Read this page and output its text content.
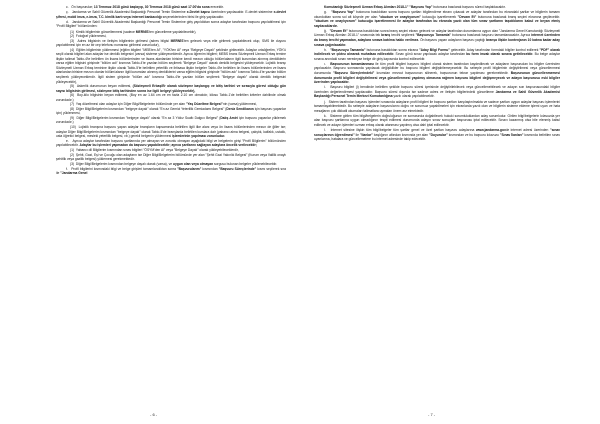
c.   Ön başvurular; 13 Temmuz 2018 günü başlayıp, 30 Temmuz 2018 günü saat 17.00'da sona erecektir.

ç.   Jandarma ve Sahil Güvenlik Akademisi Başkanlığı Personel Temin Sistemine e-Devlet kapısı üzerinden yapılacaktır. E-devlet sistemine e-devlet şifresi, mobil imza, e-imza, T.C. kimlik kartı veya internet bankacılığı seçeneklerinden birisi ile giriş yapılacaktır.

d.   Jandarma ve Sahil Güvenlik Akademisi Başkanlığı Personel Temin Sistemine giriş yapıldıktan sonra adaylar tarafından başvuru yapılabilmesi için "Profil Bilgileri" bölümünden:

(1)  Kimlik bilgilerinin güncellenmesi (sadece MERNİS'ten güncelleme yapılabilecektir),

(2)  Fotoğraf yüklenmesi,

(3)  Adres bilgisinin ve iletişim bilgilerinin girilmesi (adres bilgisi MERNİS'ten gelecek veya elle girilerek yapılabilecek olup, SMS ile duyuru yapılabilmesi için en az bir cep telefonu numarası girilmesi zorunludur),

(4)  Eğitim bilgilerinin yüklenmesi (eğitim bilgileri "MEB'ten Al", "YÖK'ten Al" veya "Belgeye Dayalı" şeklinde girilecektir. Adaylar ortaöğretim, YÖK'ü seçili olarak bilgileri alan adaylar ise denklik belgesini (varsa) sisteme yükleyeceklerdir. Ayrıca öğrenim bilgileri; MEBS brans Sözleşmeli Uzman Erbaş temine ilişkin talimat Tablo-4'te belirtilen ön lisans bölümlerinden ve lisans alanlardan birisine kendi mezun olduğu bölüm/alanın ilgili kurumdan alınmış denkliklerin varsa eğitim bilgisini girişinde "bölüm adı" kısmına Tablo-4'te yazılan bölüm seçilerek "Belgeye Dayalı" olarak denklik belgesini yükleyecektir. Lojistik branşı Sözleşmeli Uzman Erbaş teminine ilişkin olarak Tablo-5'te belirtilen yeterlilik ve ihtisasa ilişkin belgeler Tablo-4'te belirtilen ön lisans bölümlerinden ve lisans alanlardan birisine mezun olanlar bölüm/alanın ilgili kurumdan alınmış denkliklerini varsa eğitim bilgisini girişinde "bölüm adı" kısmına Tablo-4'te yazılan bölüm seçilerek yükleyeceklerdir. İlgili sistem girişinde "bölüm adı" kısmına Tablo-4'te yazılan bölüm seçilerek "Belgeye dayalı" olarak denklik belgesini yükleyecektir),

(5)  Askerlik durumunun beyan edilmesi, (Sözleşmeli Erbaş/Er olarak sözleşme başlangıç ve bitiş tarihini ve sırasıyla görevi olduğu gün sayısı bilgisinin girilmesi, sözleşme bitiş tarihinden sonra ise ilgili belgeyi yükleyecektir),

(6)  Boy-kilo bilgisinin beyan edilmesi, (Boy en az 1.64 cm ve en fazla 2.10 cm olmalıdır, kilosu Tablo-1'de belirtilen kriterler dahilinde olmak zorundadır.)

(7)  Yaş düzeltmesi olan adaylar için Diğer Bilgi/Belgelerim bölümünde yer alan "Yaş Düzeltme Belgesi"nin (varsa) yüklenmesi,

(8)  Diğer Bilgi/Belgelerim kısmından "belgeye dayalı" olarak "En az Gemici Yeterlilik Gemiadamı Belgesi" (Deniz Sendikanın için başvuru yapanlar için) yüklenmesi,

(9)  Diğer Bilgi/Belgelerim kısmından "belgeye dayalı" olarak "En az 3 Yıldız Sualtı Dalgıcı Belgesi" (Dalış Amiri için başvuru yapanlar yüklemek zorundadır.)

(10)  Lojistik branşına başvuru yapan adaylar branşların kapsamında belirtilen ilgili ilke alanı veya ön lisans bölümlerinden mezun de ğiller ise; adaylar Diğer Bilgi/Belgelerim kısmından "belgeye dayalı" olarak Tablo-5'de branşlarda belirtilen kurslara dair (yabancı alma belgesi, çalıştık, kalfalık, ustalık, usta öğretici belgesi, mesleki yeterlilik belgesi, vb.) gerekli belgenin yüklenmesi işlemlerinin yapılması zorunludur.

e.   Ayrıca adaylar tarafından başvuru şartlarında yer almayan ve zorunlu olmayan aşağıdaki bilgi ve belgelerin girişi "Profil Bilgilerim" bölümünden yapılabilecektir. Adaylar bu işlemleri yapmadan da başvuru yapabilecektir; ayrıca şartlarını sağlayan adaylara öncelik verilecektir;

(1)  Yabancı dil Bilgilerim kısmından sınav bilgileri "ÖSYM'den Al" veya "Belgeye Dayalı" olarak yükleyebileceklerdir,

(2)  Şehit, Gazi, Eşi ve Çocuğu olan adayların ise Diğer Bilgi/Belgelerim bölümünde yer alan "Şehit Gazi Yakınlık Belgesi" (Kurum veya Valilik onaylı şehitlik veya gazilik belgesi) yüklemesi gerekmektedir.

(3)  Diğer Bilgi/Belgelerim kısmından belgeye dayalı olarak (varsa), ve uygun olan veya olmayan sorgusu bulunan belgeler yüklenebilecektir.

f.   Profil bilgilerini kısmındaki bilgi ve belge girişleri tamamlandıktan sonra "Başvurularım" kısmından "Başvuru Süreçlerinde" kısmı seçilerek sıra ile "Jandarma Genel

- 6 -

Komutanlığı Sözleşmeli Uzman Erbaş Alımları 2018-1" "Başvuru Yap" butonuna basılarak başvuru süreci başlatılacaktır.

g.   "Başvuru Yap" butonuna basıldıktan sonra başvuru şartları bilgilendirme ekranı çıkacak ve adaylar tarafından bu ekrandaki şartlar ve bilgilerin tamamı okunduktan sonra sol alt köşede yer alan "okudum ve onaylıyorum" kutucuğu işaretlenerek "Devam Et" butonuna basılarak branş seçimi ekranına geçilecektir. "okudum ve onaylıyorum" kutucuğu işaretlenmesi ile adaylar tarafından bu ekranda yazılı olan tüm sınav şartlarını taşıdıklarını kabul ve beyan etmiş sayılacaklardır.

ğ.   "Devam Et" butonuna basıldıktan sonra branş seçimi ekranı gelecek ve adaylar tarafından durumlarına uygun olan "Jandarma Genel Komutanlığı Sözleşmeli Uzman Erbaş Alımları 2018-1" sınavında tek branş tercihi seçilerek "Başvuruyu Tamamla" butonuna basılarak başvuru tamamlanacaktır. Ayrıca internet üzerinden da branş tercihi yapmadan, adaylara sınava katılma hakkı verilmez. Ön başvuru yapan adayların başvuru yaptığı branşa ilişkin kontenjanın 10 katına kadar aday sınava çağırılacaktır.

h.   "Başvuruyu Tamamla" butonuna basıldıktan sonra ekrana "Aday Bilgi Formu" gelecektir. Aday tarafından formdaki bilgiler kontrol edilerek "PDF" olarak indirilecek ve çıktısı alınarak muhafaza edilecektir. Sınav günü sınav yapılacak adaylar tarafından bu form imzalı olarak sınava getirilecektir. Bu belge adaylar sınava anındaki sınav neredeyse belge dir giriş kapısında kontrol edilecektir.

ı.   Başvurunun tamamlanması ile tüm profil bilgileri başvuru bilgileri olarak sistem tarafından kaydedilecek ve adayların başvurudan bu bilgiler üzerinden yapılacaktır. Başvuru sonrasında yapılacak değişiklikler bu başvuru bilgileri değiştirilemeyecektir. Bu sebeple profil bilgilerinin değiştirilmesi veya güncellenmesi durumunda "Başvuru Süreçlerindeki" kısımdan mevcut başvurunun silinerek, başvurunun tekrar yapılması gerekmektedir. Başvurunun güncellenmemesi durumunda profil bilgileri değiştirilmesi veya güncellenmesi yapılmış olmasına rağmen başvuru bilgileri değişmeyecek ve adayın başvurusu eski bilgiler üzerinden yapılacaktır.

i.   Başvuru bilgileri (i) bendinde belirtilen şekilde başvuru süresi içerisinde değiştirilebilecek veya güncellenebilecek ve adayın son başvurusundaki bilgiler üzerinden değerlendirmesi yapılacaktır. Başvuru süresi dışında ise sadece adres ve iletişim bilgilerindeki güncelleme Jandarma ve Sahil Güvenlik Akademisi Başkanlığı Personel Temin Merkezi Komutanlığına yazılı olarak yapılabilecektir.

j.   Sistem tarafından başvuru işlemleri sırasında adayların profil bilgileri ile başvuru şartları karşılaştırılmakta ve sadece şartları uygun adaylar başvuru işlemlerini tamamlayabilmektedir. Bu sebeple adayların başvurularını doğru ve sorunsuz yapabilmeleri için ekranlarda yazılı olan ve bilgilerin sisteme ekleme işlemi uyarı ve hata mesajlarını çok dikkatli okumaları talimatlara uymaları önem arz etmektedir.

k.   Sisteme girilen tüm bilgi/belgelerin doğruluğunun ve sonrasında doğabilecek hukuki sorumluluklardan aday sorumludur. Girilen bilgi/belgelerin kılavuzda yer alan başvuru şartlarına uygun olmadığının tespit edilmesi durumunda adayın sınav sonuçları başvurusu iptal edilecektir. Sınavı kazanmış olsa bile elenmiş kabul edilecek ve adayın işlemleri uzman erbaş olarak atanması yapılmış olsa dahi iptal edilecektir.

l.   İnternet sitesine ilişkin tüm bilgi/belgeler tüm şartlar genel ve özel şartları başvuru adaylarına www.jandarma.gov.tr internet adresi üzerinden "sınav sonuçlarının öğrenilmesi" ile "ilanlar" başlığının altından kısmında yer alan "Duyurular" kısmından ve bu başvuru kılavuzu "Sınav İlanları" kısmında belirtilen sınav uyarılarına, hatalara ve güncellemelere bu internet adresinde takip edecektir.

- 7 -
